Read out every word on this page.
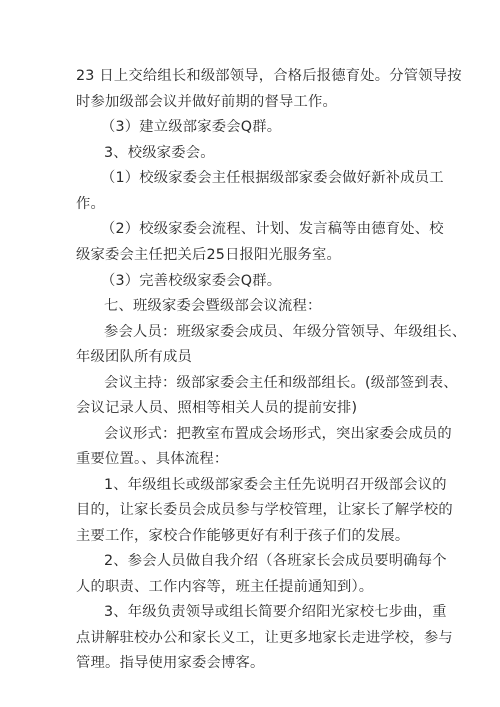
23 日上交给组长和级部领导，合格后报德育处。分管领导按
时参加级部会议并做好前期的督导工作。
（3）建立级部家委会Q群。
3、校级家委会。
（1）校级家委会主任根据级部家委会做好新补成员工
作。
（2）校级家委会流程、计划、发言稿等由德育处、校
级家委会主任把关后25日报阳光服务室。
（3）完善校级家委会Q群。
七、班级家委会暨级部会议流程：
参会人员：班级家委会成员、年级分管领导、年级组长、
年级团队所有成员
会议主持：级部家委会主任和级部组长。(级部签到表、
会议记录人员、照相等相关人员的提前安排)
会议形式：把教室布置成会场形式，突出家委会成员的
重要位置。、具体流程：
1、年级组长或级部家委会主任先说明召开级部会议的
目的，让家长委员会成员参与学校管理，让家长了解学校的
主要工作，家校合作能够更好有利于孩子们的发展。
2、参会人员做自我介绍（各班家长会成员要明确每个
人的职责、工作内容等，班主任提前通知到）。
3、年级负责领导或组长简要介绍阳光家校七步曲，重
点讲解驻校办公和家长义工，让更多地家长走进学校，参与
管理。指导使用家委会博客。
